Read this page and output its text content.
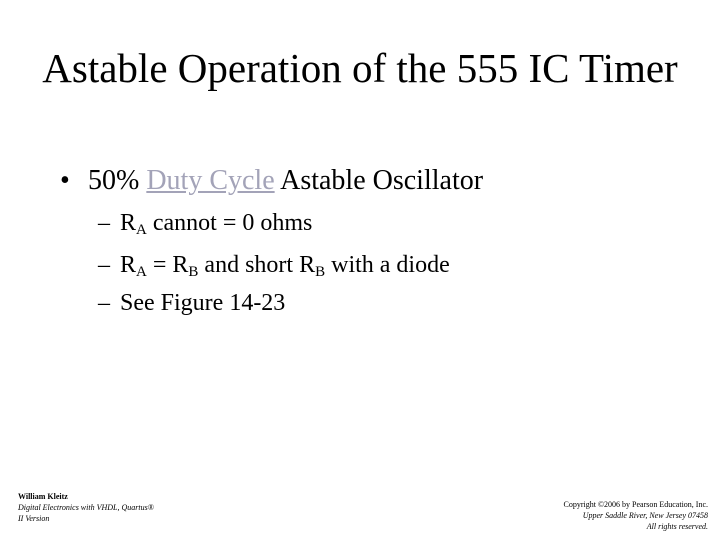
Astable Operation of the 555 IC Timer
• 50% Duty Cycle Astable Oscillator
– $R_A$ cannot = 0 ohms
– $R_A = R_B$ and short $R_B$ with a diode
– See Figure 14-23
William Kleitz
Digital Electronics with VHDL, Quartus®
II Version
Copyright ©2006 by Pearson Education, Inc.
Upper Saddle River, New Jersey 07458
All rights reserved.
